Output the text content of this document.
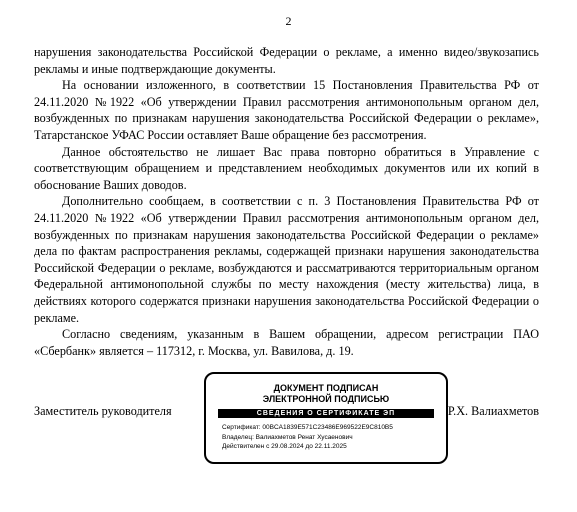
2

нарушения законодательства Российской Федерации о рекламе, а именно видео/звукозапись рекламы и иные подтверждающие документы.

На основании изложенного, в соответствии 15 Постановления Правительства РФ от 24.11.2020 №1922 «Об утверждении Правил рассмотрения антимонопольным органом дел, возбужденных по признакам нарушения законодательства Российской Федерации о рекламе», Татарстанское УФАС России оставляет Ваше обращение без рассмотрения.

Данное обстоятельство не лишает Вас права повторно обратиться в Управление с соответствующим обращением и представлением необходимых документов или их копий в обоснование Ваших доводов.

Дополнительно сообщаем, в соответствии с п. 3 Постановления Правительства РФ от 24.11.2020 №1922 «Об утверждении Правил рассмотрения антимонопольным органом дел, возбужденных по признакам нарушения законодательства Российской Федерации о рекламе» дела по фактам распространения рекламы, содержащей признаки нарушения законодательства Российской Федерации о рекламе, возбуждаются и рассматриваются территориальным органом Федеральной антимонопольной службы по месту нахождения (месту жительства) лица, в действиях которого содержатся признаки нарушения законодательства Российской Федерации о рекламе.

Согласно сведениям, указанным в Вашем обращении, адресом регистрации ПАО «Сбербанк» является – 117312, г. Москва, ул. Вавилова, д. 19.

Заместитель руководителя	Р.Х. Валиахметов
ДОКУМЕНТ ПОДПИСАН
ЭЛЕКТРОННОЙ ПОДПИСЬЮ
СВЕДЕНИЯ О СЕРТИФИКАТЕ ЭП
Сертификат: 00BCA1839E571C23486E969522E9C810B5
Владелец: Валиахметов Ренат Хусаенович
Действителен с 29.08.2024 до 22.11.2025
